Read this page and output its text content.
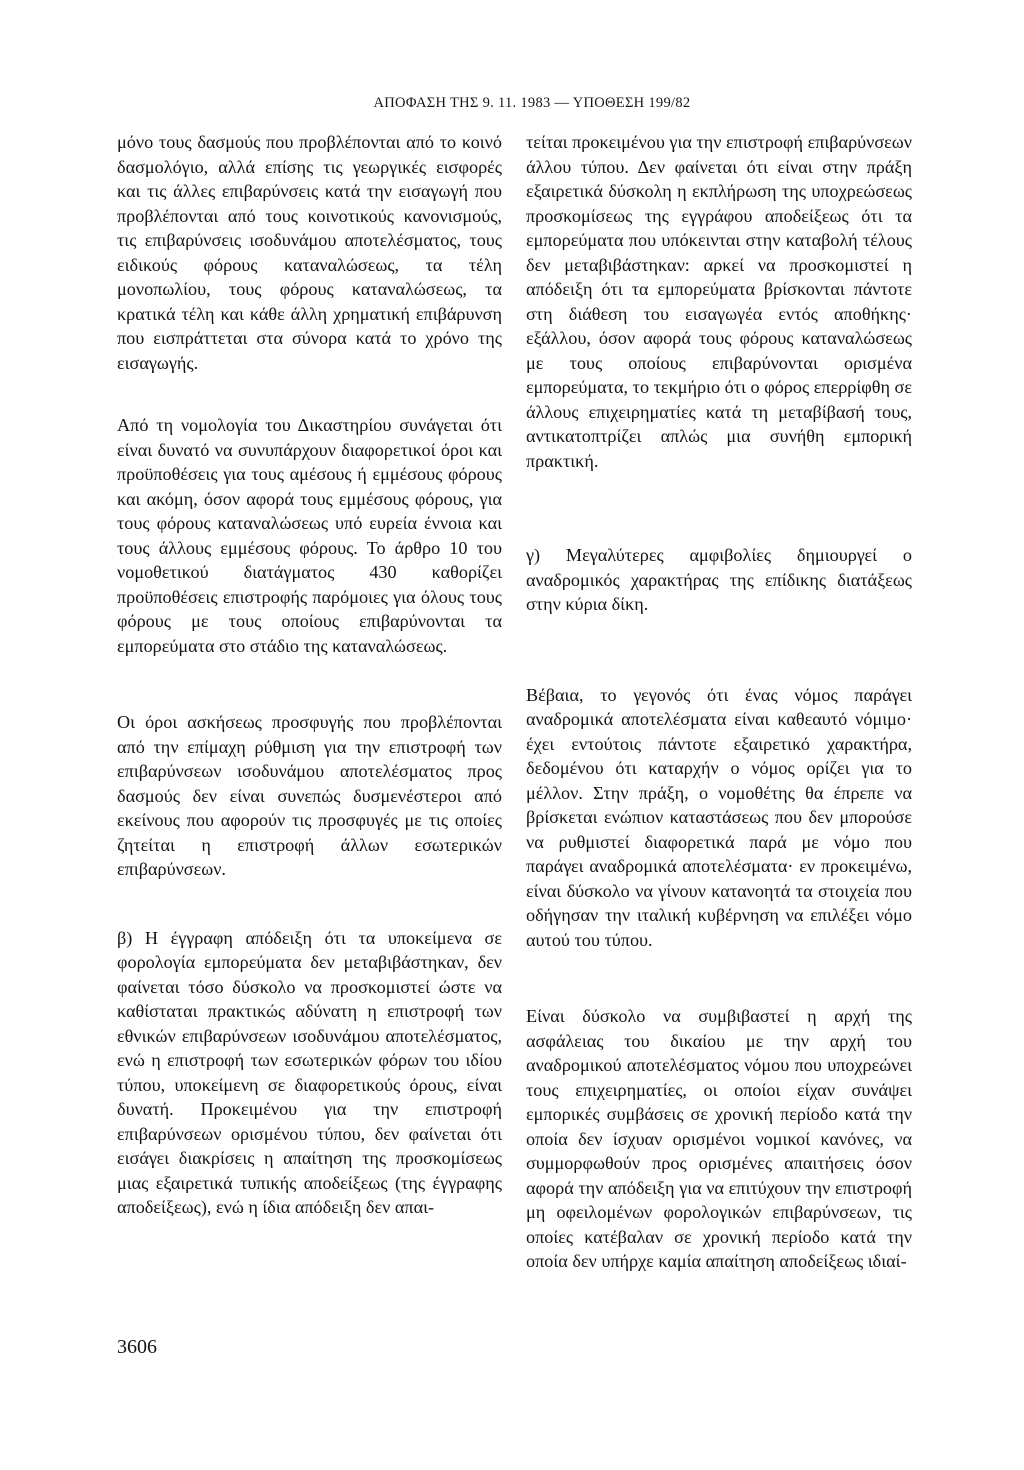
ΑΠΟΦΑΣΗ ΤΗΣ 9. 11. 1983 — ΥΠΟΘΕΣΗ 199/82

μόνο τους δασμούς που προβλέπονται από το κοινό δασμολόγιο, αλλά επίσης τις γεωργικές εισφορές και τις άλλες επιβαρύνσεις κατά την εισαγωγή που προβλέπονται από τους κοινοτικούς κανονισμούς, τις επιβαρύνσεις ισοδυνάμου αποτελέσματος, τους ειδικούς φόρους καταναλώσεως, τα τέλη μονοπωλίου, τους φόρους καταναλώσεως, τα κρατικά τέλη και κάθε άλλη χρηματική επιβάρυνση που εισπράττεται στα σύνορα κατά το χρόνο της εισαγωγής.

Από τη νομολογία του Δικαστηρίου συνάγεται ότι είναι δυνατό να συνυπάρχουν διαφορετικοί όροι και προϋποθέσεις για τους αμέσους ή εμμέσους φόρους και ακόμη, όσον αφορά τους εμμέσους φόρους, για τους φόρους καταναλώσεως υπό ευρεία έννοια και τους άλλους εμμέσους φόρους. Το άρθρο 10 του νομοθετικού διατάγματος 430 καθορίζει προϋποθέσεις επιστροφής παρόμοιες για όλους τους φόρους με τους οποίους επιβαρύνονται τα εμπορεύματα στο στάδιο της καταναλώσεως.

Οι όροι ασκήσεως προσφυγής που προβλέπονται από την επίμαχη ρύθμιση για την επιστροφή των επιβαρύνσεων ισοδυνάμου αποτελέσματος προς δασμούς δεν είναι συνεπώς δυσμενέστεροι από εκείνους που αφορούν τις προσφυγές με τις οποίες ζητείται η επιστροφή άλλων εσωτερικών επιβαρύνσεων.

β) Η έγγραφη απόδειξη ότι τα υποκείμενα σε φορολογία εμπορεύματα δεν μεταβιβάστηκαν, δεν φαίνεται τόσο δύσκολο να προσκομιστεί ώστε να καθίσταται πρακτικώς αδύνατη η επιστροφή των εθνικών επιβαρύνσεων ισοδυνάμου αποτελέσματος, ενώ η επιστροφή των εσωτερικών φόρων του ιδίου τύπου, υποκείμενη σε διαφορετικούς όρους, είναι δυνατή. Προκειμένου για την επιστροφή επιβαρύνσεων ορισμένου τύπου, δεν φαίνεται ότι εισάγει διακρίσεις η απαίτηση της προσκομίσεως μιας εξαιρετικά τυπικής αποδείξεως (της έγγραφης αποδείξεως), ενώ η ίδια απόδειξη δεν απαι-

τείται προκειμένου για την επιστροφή επιβαρύνσεων άλλου τύπου. Δεν φαίνεται ότι είναι στην πράξη εξαιρετικά δύσκολη η εκπλήρωση της υποχρεώσεως προσκομίσεως της εγγράφου αποδείξεως ότι τα εμπορεύματα που υπόκεινται στην καταβολή τέλους δεν μεταβιβάστηκαν: αρκεί να προσκομιστεί η απόδειξη ότι τα εμπορεύματα βρίσκονται πάντοτε στη διάθεση του εισαγωγέα εντός αποθήκης· εξάλλου, όσον αφορά τους φόρους καταναλώσεως με τους οποίους επιβαρύνονται ορισμένα εμπορεύματα, το τεκμήριο ότι ο φόρος επερρίφθη σε άλλους επιχειρηματίες κατά τη μεταβίβασή τους, αντικατοπτρίζει απλώς μια συνήθη εμπορική πρακτική.

γ) Μεγαλύτερες αμφιβολίες δημιουργεί ο αναδρομικός χαρακτήρας της επίδικης διατάξεως στην κύρια δίκη.

Βέβαια, το γεγονός ότι ένας νόμος παράγει αναδρομικά αποτελέσματα είναι καθεαυτό νόμιμο· έχει εντούτοις πάντοτε εξαιρετικό χαρακτήρα, δεδομένου ότι καταρχήν ο νόμος ορίζει για το μέλλον. Στην πράξη, ο νομοθέτης θα έπρεπε να βρίσκεται ενώπιον καταστάσεως που δεν μπορούσε να ρυθμιστεί διαφορετικά παρά με νόμο που παράγει αναδρομικά αποτελέσματα· εν προκειμένω, είναι δύσκολο να γίνουν κατανοητά τα στοιχεία που οδήγησαν την ιταλική κυβέρνηση να επιλέξει νόμο αυτού του τύπου.

Είναι δύσκολο να συμβιβαστεί η αρχή της ασφάλειας του δικαίου με την αρχή του αναδρομικού αποτελέσματος νόμου που υποχρεώνει τους επιχειρηματίες, οι οποίοι είχαν συνάψει εμπορικές συμβάσεις σε χρονική περίοδο κατά την οποία δεν ίσχυαν ορισμένοι νομικοί κανόνες, να συμμορφωθούν προς ορισμένες απαιτήσεις όσον αφορά την απόδειξη για να επιτύχουν την επιστροφή μη οφειλομένων φορολογικών επιβαρύνσεων, τις οποίες κατέβαλαν σε χρονική περίοδο κατά την οποία δεν υπήρχε καμία απαίτηση αποδείξεως ιδιαί-

3606
